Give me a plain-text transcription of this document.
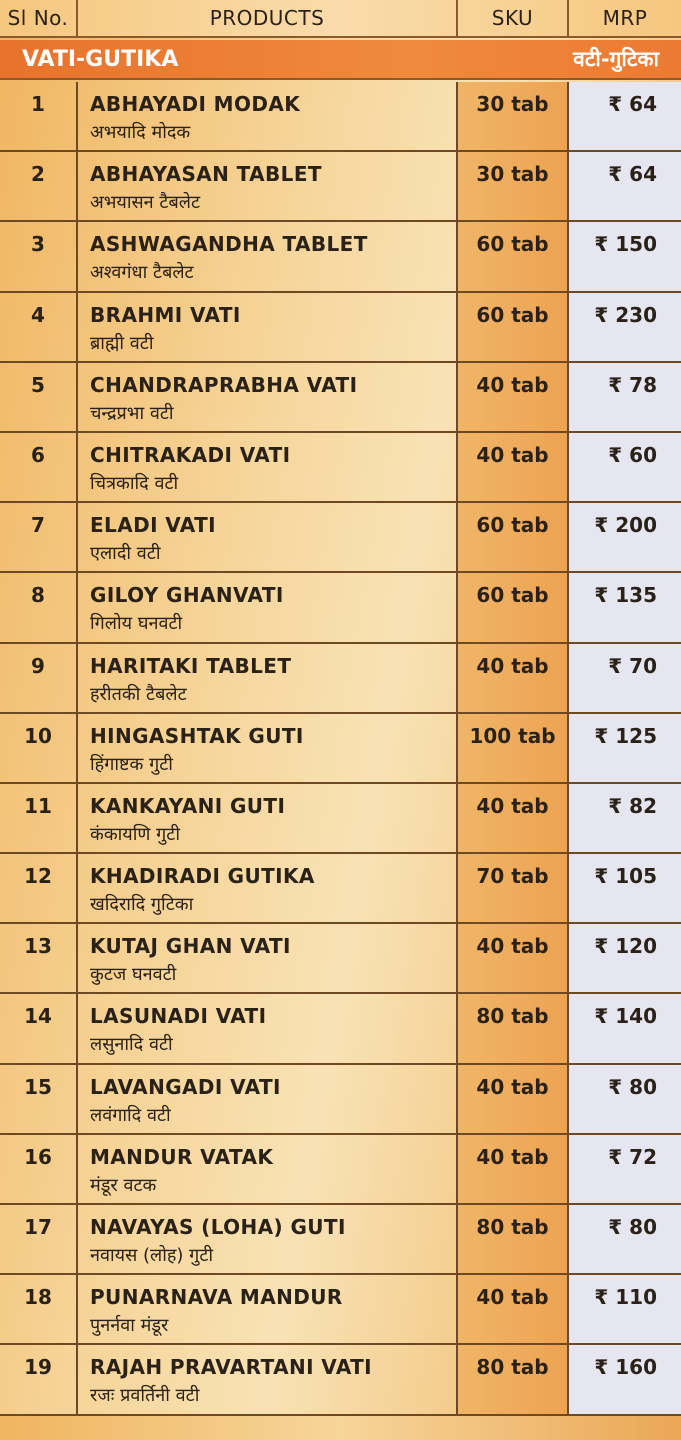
Sl No.	PRODUCTS	SKU	MRP
VATI-GUTIKA	वटी-गुटिका
1	ABHAYADI MODAK
अभयादि मोदक
30 tab	₹ 64
2	ABHAYASAN TABLET
अभयासन टैबलेट
30 tab	₹ 64
3	ASHWAGANDHA TABLET
अश्वगंधा टैबलेट
60 tab	₹ 150
4	BRAHMI VATI
ब्राह्मी वटी
60 tab	₹ 230
5	CHANDRAPRABHA VATI
चन्द्रप्रभा वटी
40 tab	₹ 78
6	CHITRAKADI VATI
चित्रकादि वटी
40 tab	₹ 60
7	ELADI VATI
एलादी वटी
60 tab	₹ 200
8	GILOY GHANVATI
गिलोय घनवटी
60 tab	₹ 135
9	HARITAKI TABLET
हरीतकी टैबलेट
40 tab	₹ 70
10	HINGASHTAK GUTI
हिंगाष्टक गुटी
100 tab	₹ 125
11	KANKAYANI GUTI
कंकायणि गुटी
40 tab	₹ 82
12	KHADIRADI GUTIKA
खदिरादि गुटिका
70 tab	₹ 105
13	KUTAJ GHAN VATI
कुटज घनवटी
40 tab	₹ 120
14	LASUNADI VATI
लसुनादि वटी
80 tab	₹ 140
15	LAVANGADI VATI
लवंगादि वटी
40 tab	₹ 80
16	MANDUR VATAK
मंडूर वटक
40 tab	₹ 72
17	NAVAYAS (LOHA) GUTI
नवायस (लोह) गुटी
80 tab	₹ 80
18	PUNARNAVA MANDUR
पुनर्नवा मंडूर
40 tab	₹ 110
19	RAJAH PRAVARTANI VATI
रजः प्रवर्तिनी वटी
80 tab	₹ 160
